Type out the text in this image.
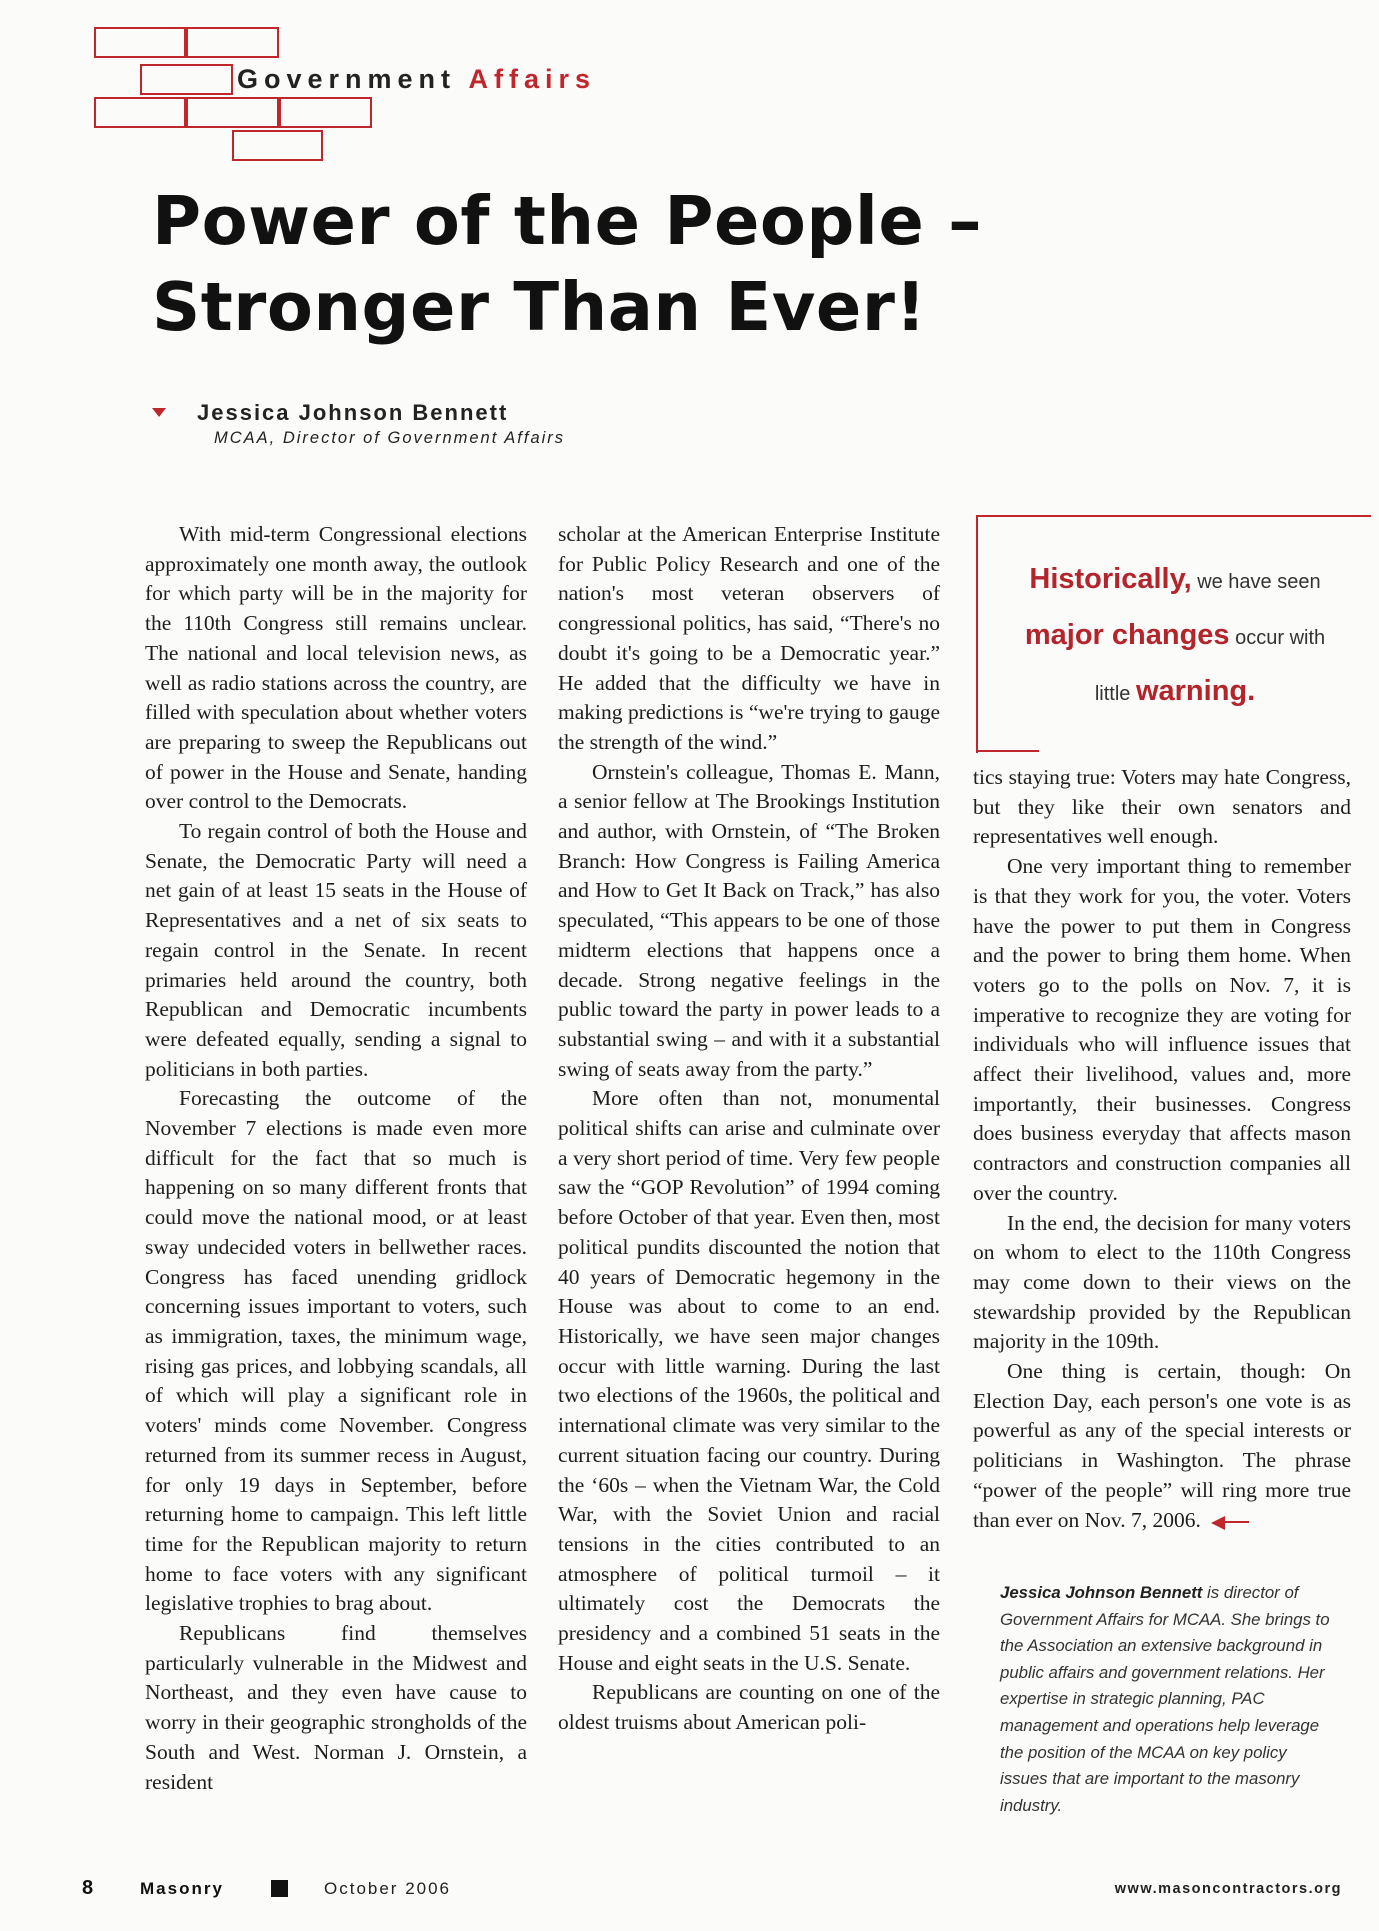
Government Affairs
Power of the People –
Stronger Than Ever!
Jessica Johnson Bennett
MCAA, Director of Government Affairs

With mid-term Congressional elections approximately one month away, the outlook for which party will be in the majority for the 110th Congress still remains unclear. The national and local television news, as well as radio stations across the country, are filled with speculation about whether voters are preparing to sweep the Republicans out of power in the House and Senate, handing over control to the Democrats.

To regain control of both the House and Senate, the Democratic Party will need a net gain of at least 15 seats in the House of Representatives and a net of six seats to regain control in the Senate. In recent primaries held around the country, both Republican and Democratic incumbents were defeated equally, sending a signal to politicians in both parties.

Forecasting the outcome of the November 7 elections is made even more difficult for the fact that so much is happening on so many different fronts that could move the national mood, or at least sway undecided voters in bellwether races. Congress has faced unending gridlock concerning issues important to voters, such as immigration, taxes, the minimum wage, rising gas prices, and lobbying scandals, all of which will play a significant role in voters' minds come November. Congress returned from its summer recess in August, for only 19 days in September, before returning home to campaign. This left little time for the Republican majority to return home to face voters with any significant legislative trophies to brag about.

Republicans find themselves particularly vulnerable in the Midwest and Northeast, and they even have cause to worry in their geographic strongholds of the South and West. Norman J. Ornstein, a resident

scholar at the American Enterprise Institute for Public Policy Research and one of the nation's most veteran observers of congressional politics, has said, “There's no doubt it's going to be a Democratic year.” He added that the difficulty we have in making predictions is “we're trying to gauge the strength of the wind.”

Ornstein's colleague, Thomas E. Mann, a senior fellow at The Brookings Institution and author, with Ornstein, of “The Broken Branch: How Congress is Failing America and How to Get It Back on Track,” has also speculated, “This appears to be one of those midterm elections that happens once a decade. Strong negative feelings in the public toward the party in power leads to a substantial swing – and with it a substantial swing of seats away from the party.”

More often than not, monumental political shifts can arise and culminate over a very short period of time. Very few people saw the “GOP Revolution” of 1994 coming before October of that year. Even then, most political pundits discounted the notion that 40 years of Democratic hegemony in the House was about to come to an end. Historically, we have seen major changes occur with little warning. During the last two elections of the 1960s, the political and international climate was very similar to the current situation facing our country. During the ‘60s – when the Vietnam War, the Cold War, with the Soviet Union and racial tensions in the cities contributed to an atmosphere of political turmoil – it ultimately cost the Democrats the presidency and a combined 51 seats in the House and eight seats in the U.S. Senate.

Republicans are counting on one of the oldest truisms about American poli-

Historically, we have seen
major changes occur with
little warning.

tics staying true: Voters may hate Congress, but they like their own senators and representatives well enough.

One very important thing to remember is that they work for you, the voter. Voters have the power to put them in Congress and the power to bring them home. When voters go to the polls on Nov. 7, it is imperative to recognize they are voting for individuals who will influence issues that affect their livelihood, values and, more importantly, their businesses. Congress does business everyday that affects mason contractors and construction companies all over the country.

In the end, the decision for many voters on whom to elect to the 110th Congress may come down to their views on the stewardship provided by the Republican majority in the 109th.

One thing is certain, though: On Election Day, each person's one vote is as powerful as any of the special interests or politicians in Washington. The phrase “power of the people” will ring more true than ever on Nov. 7, 2006.

Jessica Johnson Bennett is director of Government Affairs for MCAA. She brings to the Association an extensive background in public affairs and government relations. Her expertise in strategic planning, PAC management and operations help leverage the position of the MCAA on key policy issues that are important to the masonry industry.
8	Masonry	October 2006	www.masoncontractors.org
